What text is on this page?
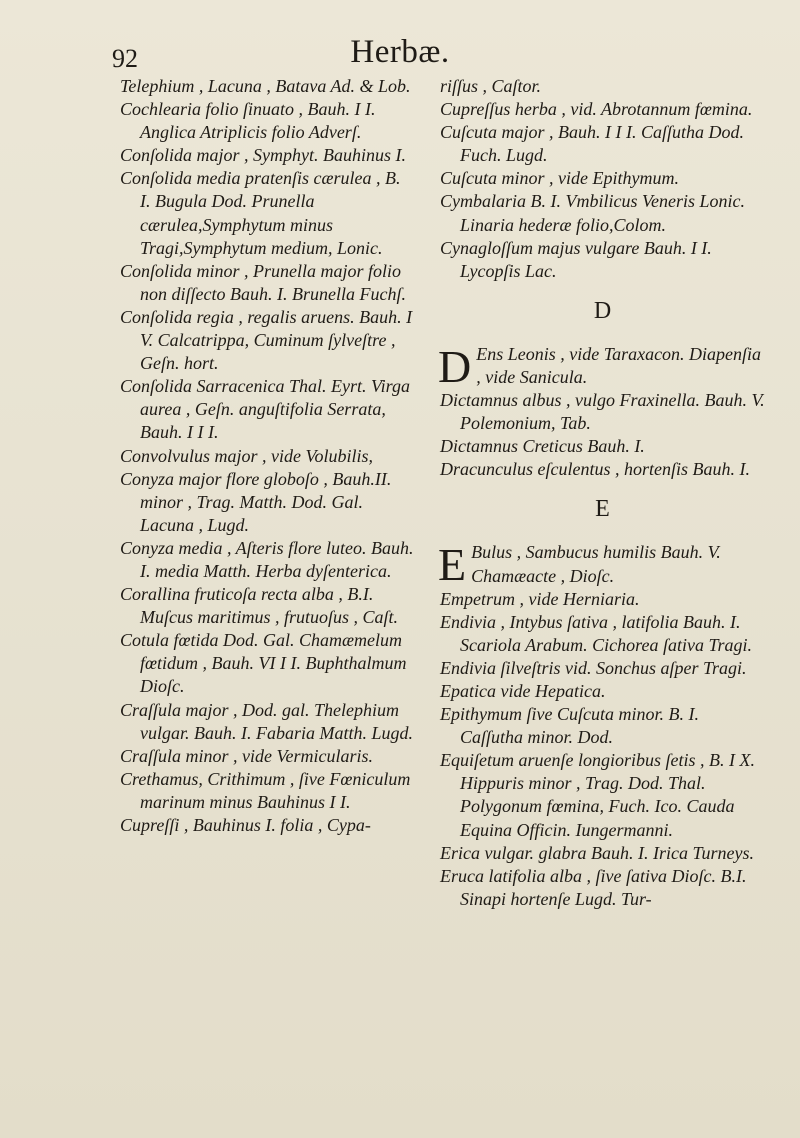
92	Herbæ.

Telephium , Lacuna , Batava Ad. & Lob.

Cochlearia folio ſinuato , Bauh. I I. Anglica Atriplicis folio Adverſ.

Conſolida major , Symphyt. Bauhinus I.

Conſolida media pratenſis cærulea , B. I. Bugula Dod. Prunella cærulea,Symphytum minus Tragi,Symphytum medium, Lonic.

Conſolida minor , Prunella major folio non diſſecto Bauh. I. Brunella Fuchſ.

Conſolida regia , regalis aruens. Bauh. I V. Calcatrippa, Cuminum ſylveſtre , Geſn. hort.

Conſolida Sarracenica Thal. Eyrt. Virga aurea , Geſn. anguſtifolia Serrata, Bauh. I I I.

Convolvulus major , vide Volubilis,

Conyza major flore globoſo , Bauh.II. minor , Trag. Matth. Dod. Gal. Lacuna , Lugd.

Conyza media , Aſteris flore luteo. Bauh. I. media Matth. Herba dyſenterica.

Corallina fruticoſa recta alba , B.I. Muſcus maritimus , frutuoſus , Caſt.

Cotula fœtida Dod. Gal. Chamæmelum fœtidum , Bauh. VI I I. Buphthalmum Dioſc.

Craſſula major , Dod. gal. Thelephium vulgar. Bauh. I. Fabaria Matth. Lugd.

Craſſula minor , vide Vermicularis.

Crethamus, Crithimum , ſive Fœniculum marinum minus Bauhinus I I.

Cupreſſi , Bauhinus I. folia , Cypa-

riſſus , Caſtor.

Cupreſſus herba , vid. Abrotannum fœmina.

Cuſcuta major , Bauh. I I I. Caſſutha Dod. Fuch. Lugd.

Cuſcuta minor , vide Epithymum.

Cymbalaria B. I. Vmbilicus Veneris Lonic. Linaria hederæ folio,Colom.

Cynagloſſum majus vulgare Bauh. I I. Lycopſis Lac.

D

D Ens Leonis , vide Taraxacon. Diapenſia , vide Sanicula.

Dictamnus albus , vulgo Fraxinella. Bauh. V. Polemonium, Tab.

Dictamnus Creticus Bauh. I.

Dracunculus eſculentus , hortenſis Bauh. I.

E

E Bulus , Sambucus humilis Bauh. V. Chamæacte , Dioſc.

Empetrum , vide Herniaria.

Endivia , Intybus ſativa , latifolia Bauh. I. Scariola Arabum. Cichorea ſativa Tragi.

Endivia ſilveſtris vid. Sonchus aſper Tragi.

Epatica vide Hepatica.

Epithymum ſive Cuſcuta minor. B. I. Caſſutha minor. Dod.

Equiſetum aruenſe longioribus ſetis , B. I X. Hippuris minor , Trag. Dod. Thal. Polygonum fœmina, Fuch. Ico. Cauda Equina Officin. Iungermanni.

Erica vulgar. glabra Bauh. I. Irica Turneys.

Eruca latifolia alba , ſive ſativa Dioſc. B.I. Sinapi hortenſe Lugd. Tur-
